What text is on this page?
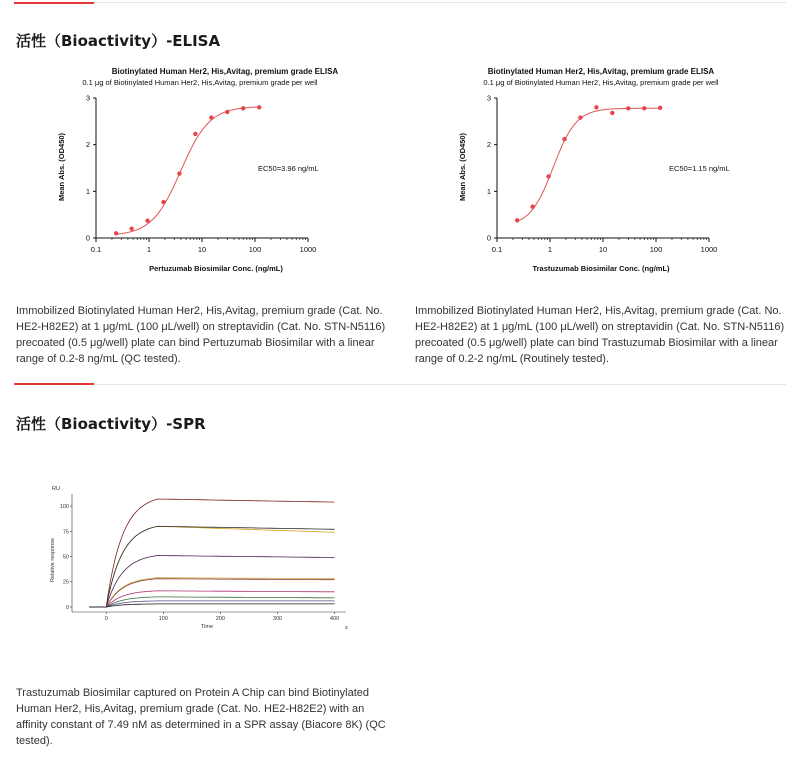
活性（Bioactivity）-ELISA
Biotinylated Human Her2, His,Avitag, premium grade ELISA
0.1 μg of Biotinylated Human Her2, His,Avitag, premium grade per well
0
1
2
3
0.1	1	10	100	1000
EC50=3.96 ng/mL
Pertuzumab Biosimilar Conc. (ng/mL)
Mean Abs. (OD450)
Biotinylated Human Her2, His,Avitag, premium grade ELISA
0.1 μg of Biotinylated Human Her2, His,Avitag, premium grade per well
0
1
2
3
0.1	1	10	100	1000
EC50=1.15 ng/mL
Trastuzumab Biosimilar Conc. (ng/mL)
Mean Abs. (OD450)
Immobilized Biotinylated Human Her2, His,Avitag, premium grade (Cat. No. HE2-H82E2) at 1 μg/mL (100 μL/well) on streptavidin (Cat. No. STN-N5116) precoated (0.5 μg/well) plate can bind Pertuzumab Biosimilar with a linear range of 0.2-8 ng/mL (QC tested).
Immobilized Biotinylated Human Her2, His,Avitag, premium grade (Cat. No. HE2-H82E2) at 1 μg/mL (100 μL/well) on streptavidin (Cat. No. STN-N5116) precoated (0.5 μg/well) plate can bind Trastuzumab Biosimilar with a linear range of 0.2-2 ng/mL (Routinely tested).
活性（Bioactivity）-SPR
RU
Relative response
Time	s
0
25
50
75
100
0	100	200	300	400
Trastuzumab Biosimilar captured on Protein A Chip can bind Biotinylated Human Her2, His,Avitag, premium grade (Cat. No. HE2-H82E2) with an affinity constant of 7.49 nM as determined in a SPR assay (Biacore 8K) (QC tested).
